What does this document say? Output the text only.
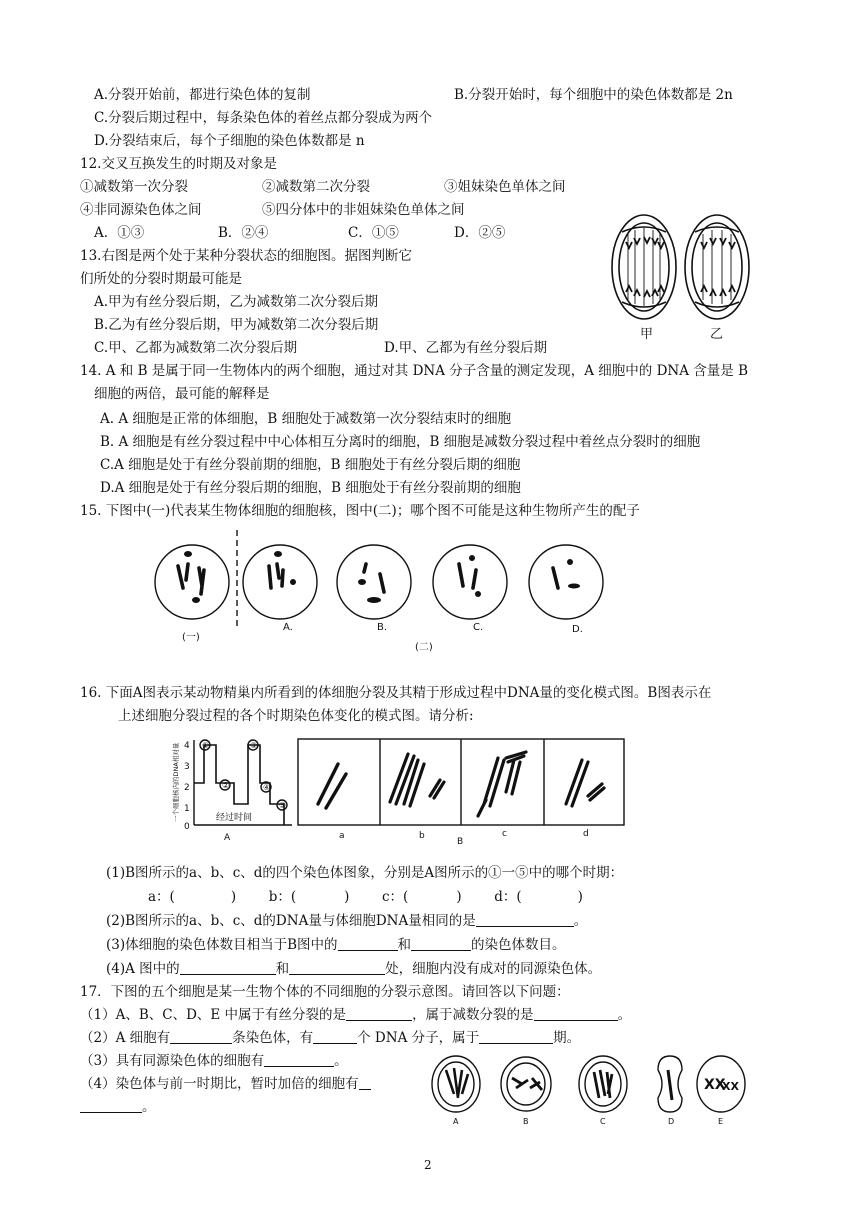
A.分裂开始前，都进行染色体的复制	B.分裂开始时，每个细胞中的染色体数都是 2n
C.分裂后期过程中，每条染色体的着丝点都分裂成为两个
D.分裂结束后，每个子细胞的染色体数都是 n
12.交叉互换发生的时期及对象是
①减数第一次分裂	②减数第二次分裂	③姐妹染色单体之间
④非同源染色体之间	⑤四分体中的非姐妹染色单体之间
A．①③	B．②④	C．①⑤	D．②⑤
13.右图是两个处于某种分裂状态的细胞图。据图判断它
们所处的分裂时期最可能是
A.甲为有丝分裂后期，乙为减数第二次分裂后期
B.乙为有丝分裂后期，甲为减数第二次分裂后期
C.甲、乙都为减数第二次分裂后期	D.甲、乙都为有丝分裂后期
甲	乙
14. A 和 B 是属于同一生物体内的两个细胞，通过对其 DNA 分子含量的测定发现，A 细胞中的 DNA 含量是 B
细胞的两倍，最可能的解释是
A. A 细胞是正常的体细胞，B 细胞处于减数第一次分裂结束时的细胞
B. A 细胞是有丝分裂过程中中心体相互分离时的细胞，B 细胞是减数分裂过程中着丝点分裂时的细胞
C.A 细胞是处于有丝分裂前期的细胞，B 细胞处于有丝分裂后期的细胞
D.A 细胞是处于有丝分裂后期的细胞，B 细胞处于有丝分裂前期的细胞
15. 下图中(一)代表某生物体细胞的细胞核，图中(二)；哪个图不可能是这种生物所产生的配子
(一)
A.	B.	C.	D.
(二)
16. 下面A图表示某动物精巢内所看到的体细胞分裂及其精于形成过程中DNA量的变化模式图。B图表示在
上述细胞分裂过程的各个时期染色体变化的模式图。请分析:
4
3
2
1
0
①
②
③
④
⑤
经过时间
A
一个细胞核内的DNA相对量
a	b	c	d
B
(1)B图所示的a、b、c、d的四个染色体图象，分别是A图所示的①一⑤中的哪个时期：
a：(	) b：(	) c：(	) d：(	)
(2)B图所示的a、b、c、d的DNA量与体细胞DNA量相同的是	。
(3)体细胞的染色体数目相当于B图中的	和	的染色体数目。
(4)A 图中的	和	处，细胞内没有成对的同源染色体。
17．下图的五个细胞是某一生物个体的不同细胞的分裂示意图。请回答以下问题：
（1）A、B、C、D、E 中属于有丝分裂的是	，属于减数分裂的是	。
（2）A 细胞有	条染色体，有	个 DNA 分子，属于	期。
（3）具有同源染色体的细胞有	。
（4）染色体与前一时期比，暂时加倍的细胞有
。
XX
XX
A	B	C	D	E
2
